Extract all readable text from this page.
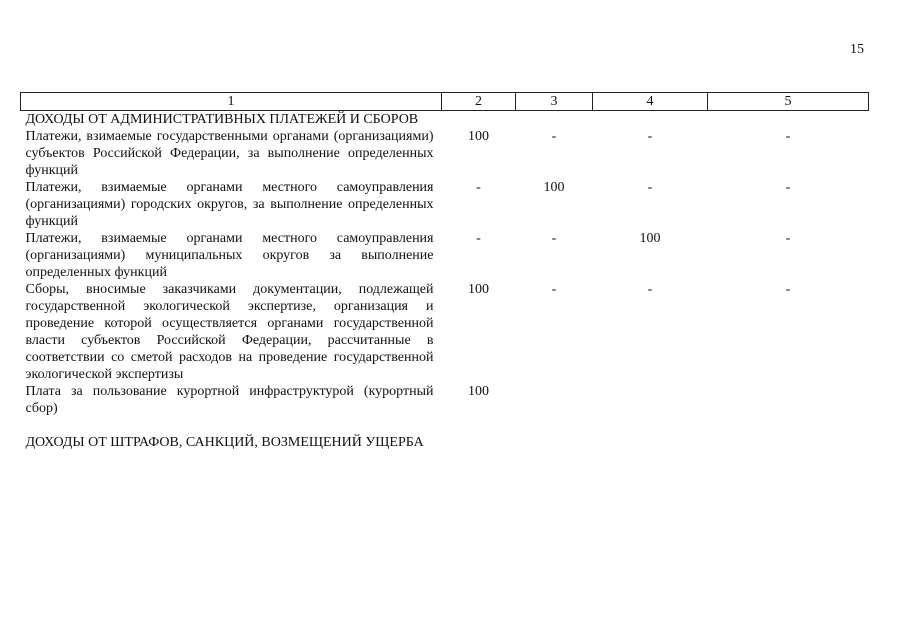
15
1	2	3	4	5
ДОХОДЫ ОТ АДМИНИСТРАТИВНЫХ ПЛАТЕЖЕЙ И СБОРОВ				
Платежи, взимаемые государственными органами (организациями) субъектов Российской Федерации, за выполнение определенных функций	100	-	-	-
Платежи, взимаемые органами местного самоуправления (организациями) городских округов, за выполнение определенных функций	-	100	-	-
Платежи, взимаемые органами местного самоуправления (организациями) муниципальных округов за выполнение определенных функций	-	-	100	-
Сборы, вносимые заказчиками документации, подлежащей государственной экологической экспертизе, организация и проведение которой осуществляется органами государственной власти субъектов Российской Федерации, рассчитанные в соответствии со сметой расходов на проведение государственной экологической экспертизы	100	-	-	-
Плата за пользование курортной инфраструктурой (курортный сбор)	100			

ДОХОДЫ ОТ ШТРАФОВ, САНКЦИЙ, ВОЗМЕЩЕНИЙ УЩЕРБА				
